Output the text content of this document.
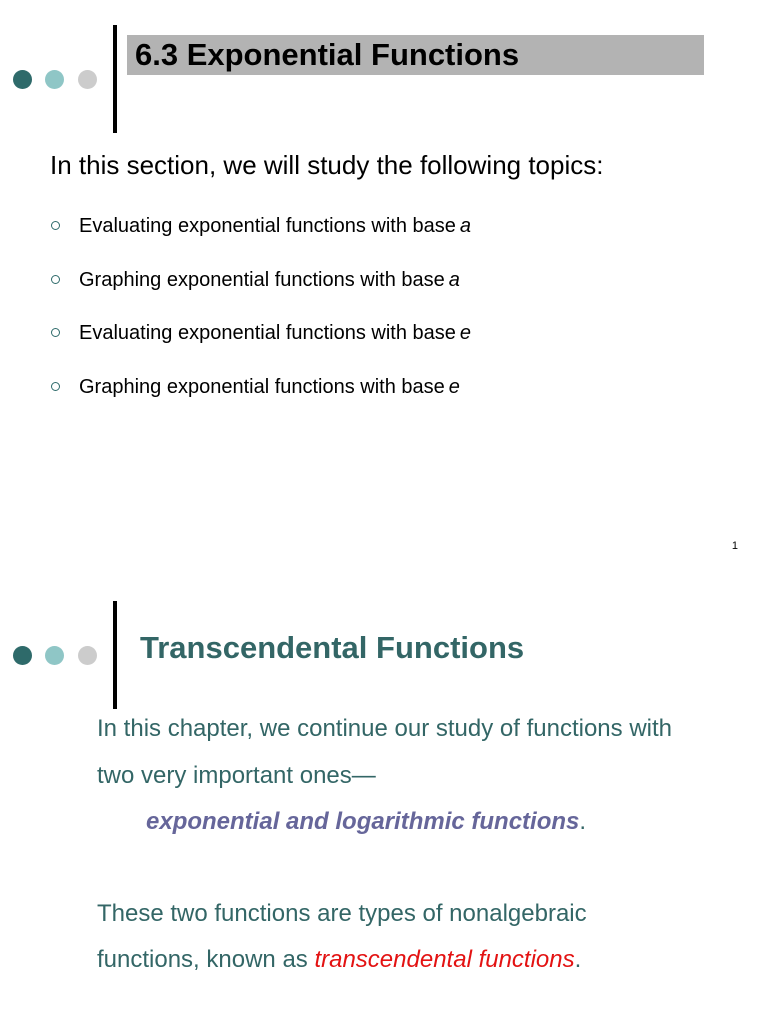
6.3 Exponential Functions
In this section, we will study the following topics:
Evaluating exponential functions with base a
Graphing exponential functions with base a
Evaluating exponential functions with base e
Graphing exponential functions with base e
1
Transcendental Functions
In this chapter, we continue our study of functions with
two very important ones—
exponential and logarithmic functions.
These two functions are types of nonalgebraic
functions, known as transcendental functions.
